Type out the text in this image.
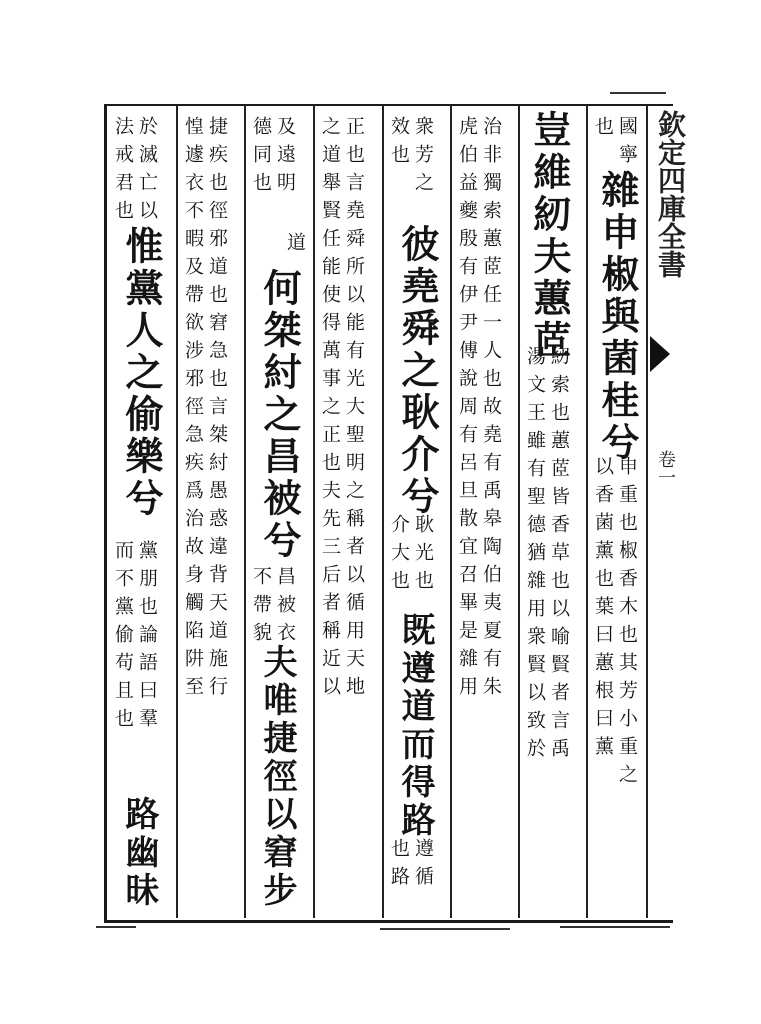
欽定四庫全書
卷一
國寧
也
雜申椒與菌桂兮
申重也椒香木也其芳小重之
以香菌薰也葉曰蕙根曰薰
豈維紉夫蕙茝
紉索也蕙茝皆香草也以喻賢者言禹
湯文王雖有聖德猶雜用衆賢以致於
治非獨索蕙茝任一人也故堯有禹皋陶伯夷夏有朱
虎伯益夔殷有伊尹傅說周有呂旦散宜召畢是雜用
衆芳之
效也
彼堯舜之耿介兮
耿光也
介大也
既遵道而得路
遵循
也路
正也言堯舜所以能有光大聖明之稱者以循用天地
之道舉賢任能使得萬事之正也夫先三后者稱近以
及遠明
德同也
道
何桀紂之昌被兮
昌被衣
不帶貌
夫唯捷徑以窘步
捷疾也徑邪道也窘急也言桀紂愚惑違背天道施行
惶遽衣不暇及帶欲涉邪徑急疾爲治故身觸陷阱至
於滅亡以
法戒君也
惟黨人之偷樂兮
黨朋也論語曰羣
而不黨偷苟且也
路幽昧
